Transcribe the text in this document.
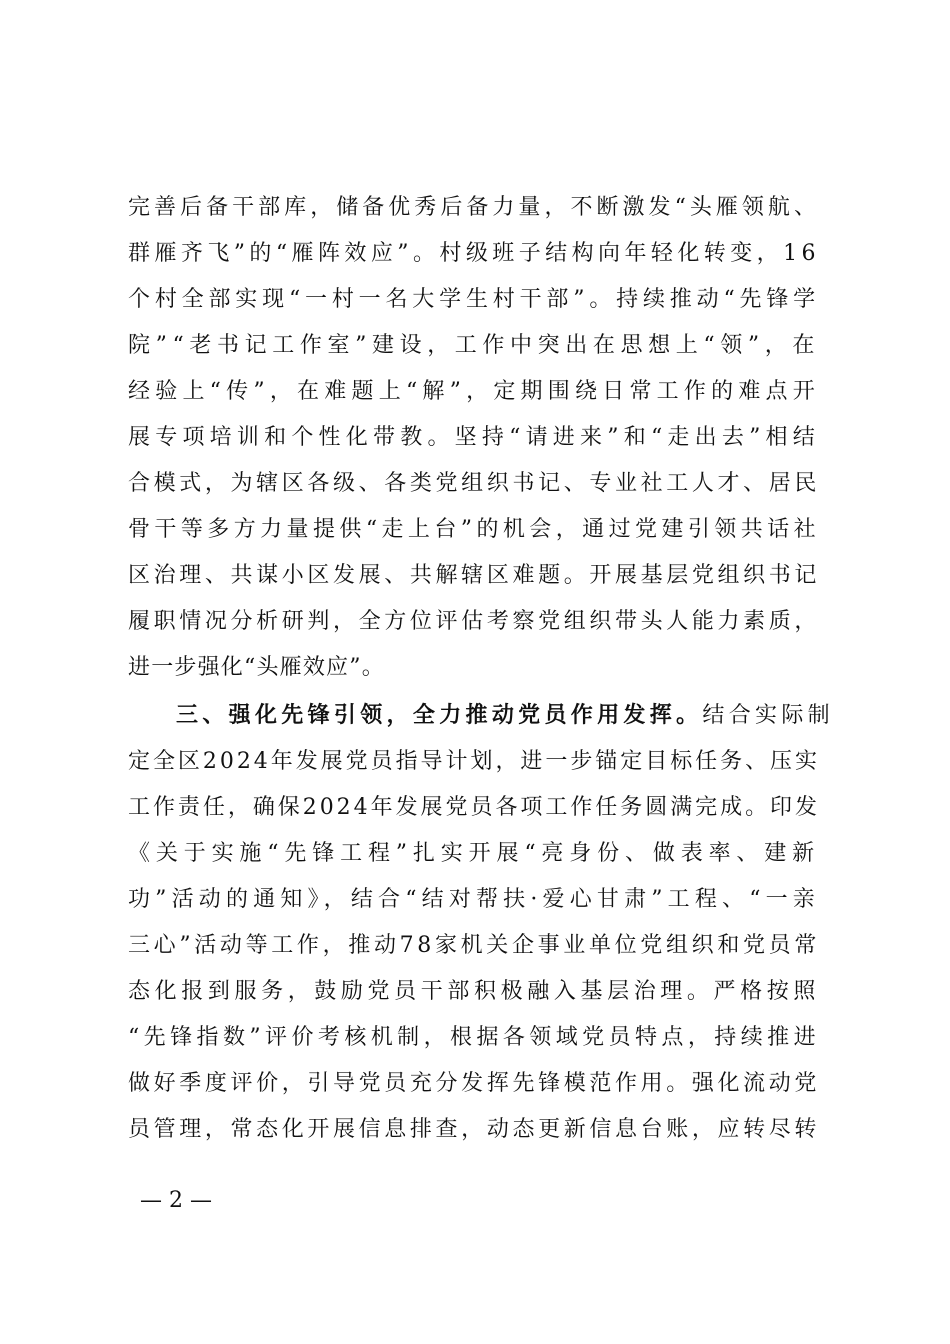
完善后备干部库，储备优秀后备力量，不断激发“头雁领航、
群雁齐飞”的“雁阵效应”。村级班子结构向年轻化转变，16
个村全部实现“一村一名大学生村干部”。持续推动“先锋学
院”“老书记工作室”建设，工作中突出在思想上“领”，在
经验上“传”，在难题上“解”，定期围绕日常工作的难点开
展专项培训和个性化带教。坚持“请进来”和“走出去”相结
合模式，为辖区各级、各类党组织书记、专业社工人才、居民
骨干等多方力量提供“走上台”的机会，通过党建引领共话社
区治理、共谋小区发展、共解辖区难题。开展基层党组织书记
履职情况分析研判，全方位评估考察党组织带头人能力素质，
进一步强化“头雁效应”。
三、强化先锋引领，全力推动党员作用发挥。结合实际制
定全区2024年发展党员指导计划，进一步锚定目标任务、压实
工作责任，确保2024年发展党员各项工作任务圆满完成。印发
《关于实施“先锋工程”扎实开展“亮身份、做表率、建新
功”活动的通知》，结合“结对帮扶·爱心甘肃”工程、“一亲
三心”活动等工作，推动78家机关企事业单位党组织和党员常
态化报到服务，鼓励党员干部积极融入基层治理。严格按照
“先锋指数”评价考核机制，根据各领域党员特点，持续推进
做好季度评价，引导党员充分发挥先锋模范作用。强化流动党
员管理，常态化开展信息排查，动态更新信息台账，应转尽转
— 2 —
